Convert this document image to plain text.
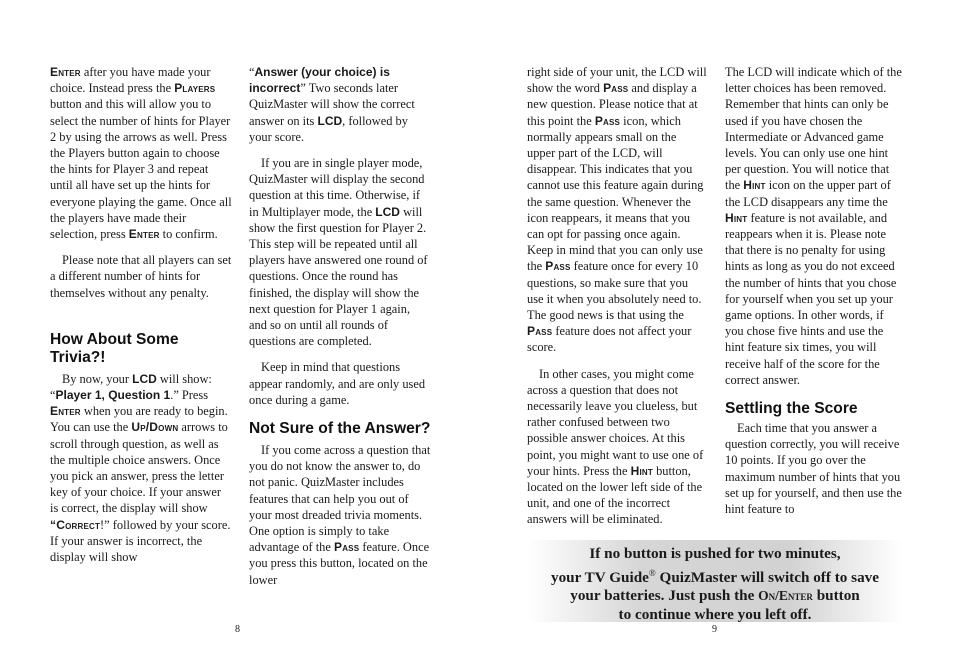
Enter after you have made your choice. Instead press the Players button and this will allow you to select the number of hints for Player 2 by using the arrows as well. Press the Players button again to choose the hints for Player 3 and repeat until all have set up the hints for everyone playing the game. Once all the players have made their selection, press Enter to confirm.

Please note that all players can set a different number of hints for themselves without any penalty.

How About Some Trivia?!

By now, your LCD will show: “Player 1, Question 1.” Press Enter when you are ready to begin. You can use the Up/Down arrows to scroll through question, as well as the multiple choice answers. Once you pick an answer, press the letter key of your choice. If your answer is correct, the display will show “Correct!” followed by your score. If your answer is incorrect, the display will show

“Answer (your choice) is incorrect” Two seconds later QuizMaster will show the correct answer on its LCD, followed by your score.

If you are in single player mode, QuizMaster will display the second question at this time. Otherwise, if in Multiplayer mode, the LCD will show the first question for Player 2. This step will be repeated until all players have answered one round of questions. Once the round has finished, the display will show the next question for Player 1 again, and so on until all rounds of questions are completed.

Keep in mind that questions appear randomly, and are only used once during a game.

Not Sure of the Answer?

If you come across a question that you do not know the answer to, do not panic. QuizMaster includes features that can help you out of your most dreaded trivia moments. One option is simply to take advantage of the Pass feature. Once you press this button, located on the lower

8

right side of your unit, the LCD will show the word Pass and display a new question. Please notice that at this point the Pass icon, which normally appears small on the upper part of the LCD, will disappear. This indicates that you cannot use this feature again during the same question. Whenever the icon reappears, it means that you can opt for passing once again. Keep in mind that you can only use the Pass feature once for every 10 questions, so make sure that you use it when you absolutely need to. The good news is that using the Pass feature does not affect your score.

In other cases, you might come across a question that does not necessarily leave you clueless, but rather confused between two possible answer choices. At this point, you might want to use one of your hints. Press the Hint button, located on the lower left side of the unit, and one of the incorrect answers will be eliminated.

The LCD will indicate which of the letter choices has been removed. Remember that hints can only be used if you have chosen the Intermediate or Advanced game levels. You can only use one hint per question. You will notice that the Hint icon on the upper part of the LCD disappears any time the Hint feature is not available, and reappears when it is. Please note that there is no penalty for using hints as long as you do not exceed the number of hints that you chose for yourself when you set up your game options. In other words, if you chose five hints and use the hint feature six times, you will receive half of the score for the correct answer.

Settling the Score

Each time that you answer a question correctly, you will receive 10 points. If you go over the maximum number of hints that you set up for yourself, and then use the hint feature to

If no button is pushed for two minutes,
your TV Guide® QuizMaster will switch off to save
your batteries. Just push the On/Enter button
to continue where you left off.
9
